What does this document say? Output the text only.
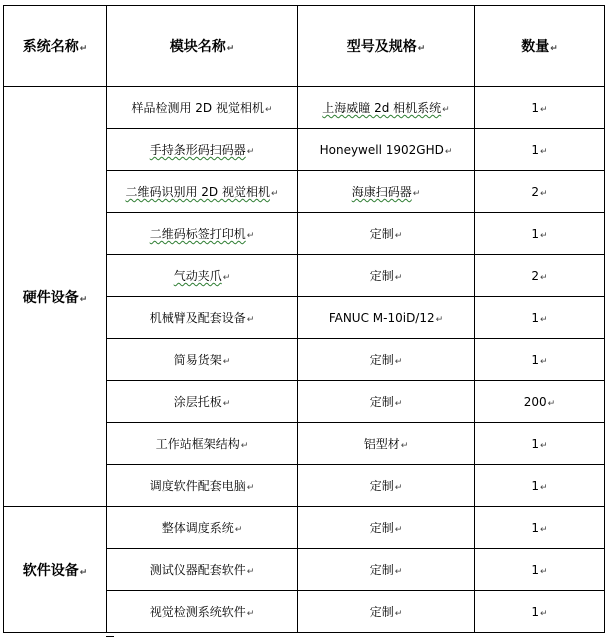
系统名称↵	模块名称↵	型号及规格↵	数量↵
硬件设备↵	样品检测用 2D 视觉相机↵	上海威瞳 2d 相机系统↵	1↵
	手持条形码扫码器↵	Honeywell 1902GHD↵	1↵
	二维码识别用 2D 视觉相机↵	海康扫码器↵	2↵
	二维码标签打印机↵	定制↵	1↵
	气动夹爪↵	定制↵	2↵
	机械臂及配套设备↵	FANUC M-10iD/12↵	1↵
	简易货架↵	定制↵	1↵
	涂层托板↵	定制↵	200↵
	工作站框架结构↵	铝型材↵	1↵
	调度软件配套电脑↵	定制↵	1↵
软件设备↵	整体调度系统↵	定制↵	1↵
	测试仪器配套软件↵	定制↵	1↵
	视觉检测系统软件↵	定制↵	1↵
